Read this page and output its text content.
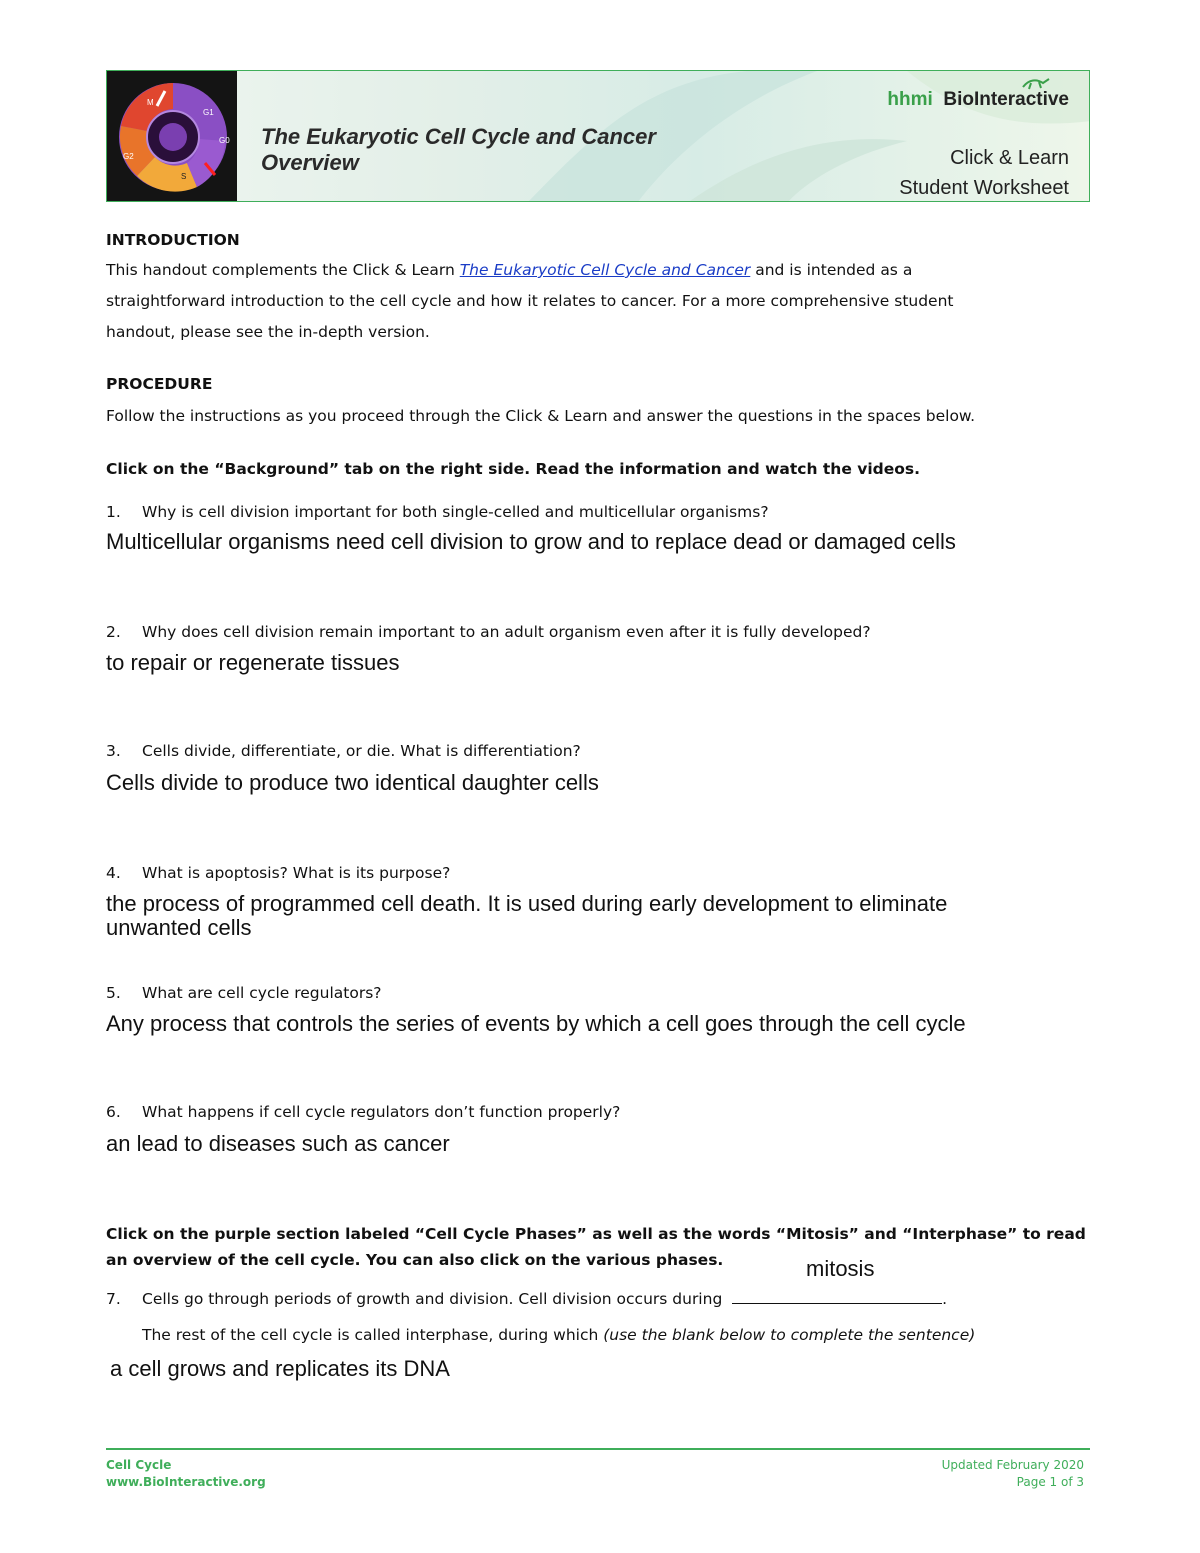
M
G1
G0
S
G2
The Eukaryotic Cell Cycle and Cancer
Overview
hhmi BioInteractive
Click & Learn
Student Worksheet
INTRODUCTION
This handout complements the Click & Learn The Eukaryotic Cell Cycle and Cancer and is intended as a
straightforward introduction to the cell cycle and how it relates to cancer. For a more comprehensive student
handout, please see the in-depth version.
PROCEDURE
Follow the instructions as you proceed through the Click & Learn and answer the questions in the spaces below.
Click on the “Background” tab on the right side. Read the information and watch the videos.
1. Why is cell division important for both single-celled and multicellular organisms?
Multicellular organisms need cell division to grow and to replace dead or damaged cells
2. Why does cell division remain important to an adult organism even after it is fully developed?
to repair or regenerate tissues
3. Cells divide, differentiate, or die. What is differentiation?
Cells divide to produce two identical daughter cells
4. What is apoptosis? What is its purpose?
the process of programmed cell death. It is used during early development to eliminate
unwanted cells
5. What are cell cycle regulators?
Any process that controls the series of events by which a cell goes through the cell cycle
6. What happens if cell cycle regulators don’t function properly?
an lead to diseases such as cancer
Click on the purple section labeled “Cell Cycle Phases” as well as the words “Mitosis” and “Interphase” to read
an overview of the cell cycle. You can also click on the various phases.	mitosis
7. Cells go through periods of growth and division. Cell division occurs during	.
The rest of the cell cycle is called interphase, during which (use the blank below to complete the sentence)
a cell grows and replicates its DNA
Cell Cycle
www.BioInteractive.org
Updated February 2020
Page 1 of 3
